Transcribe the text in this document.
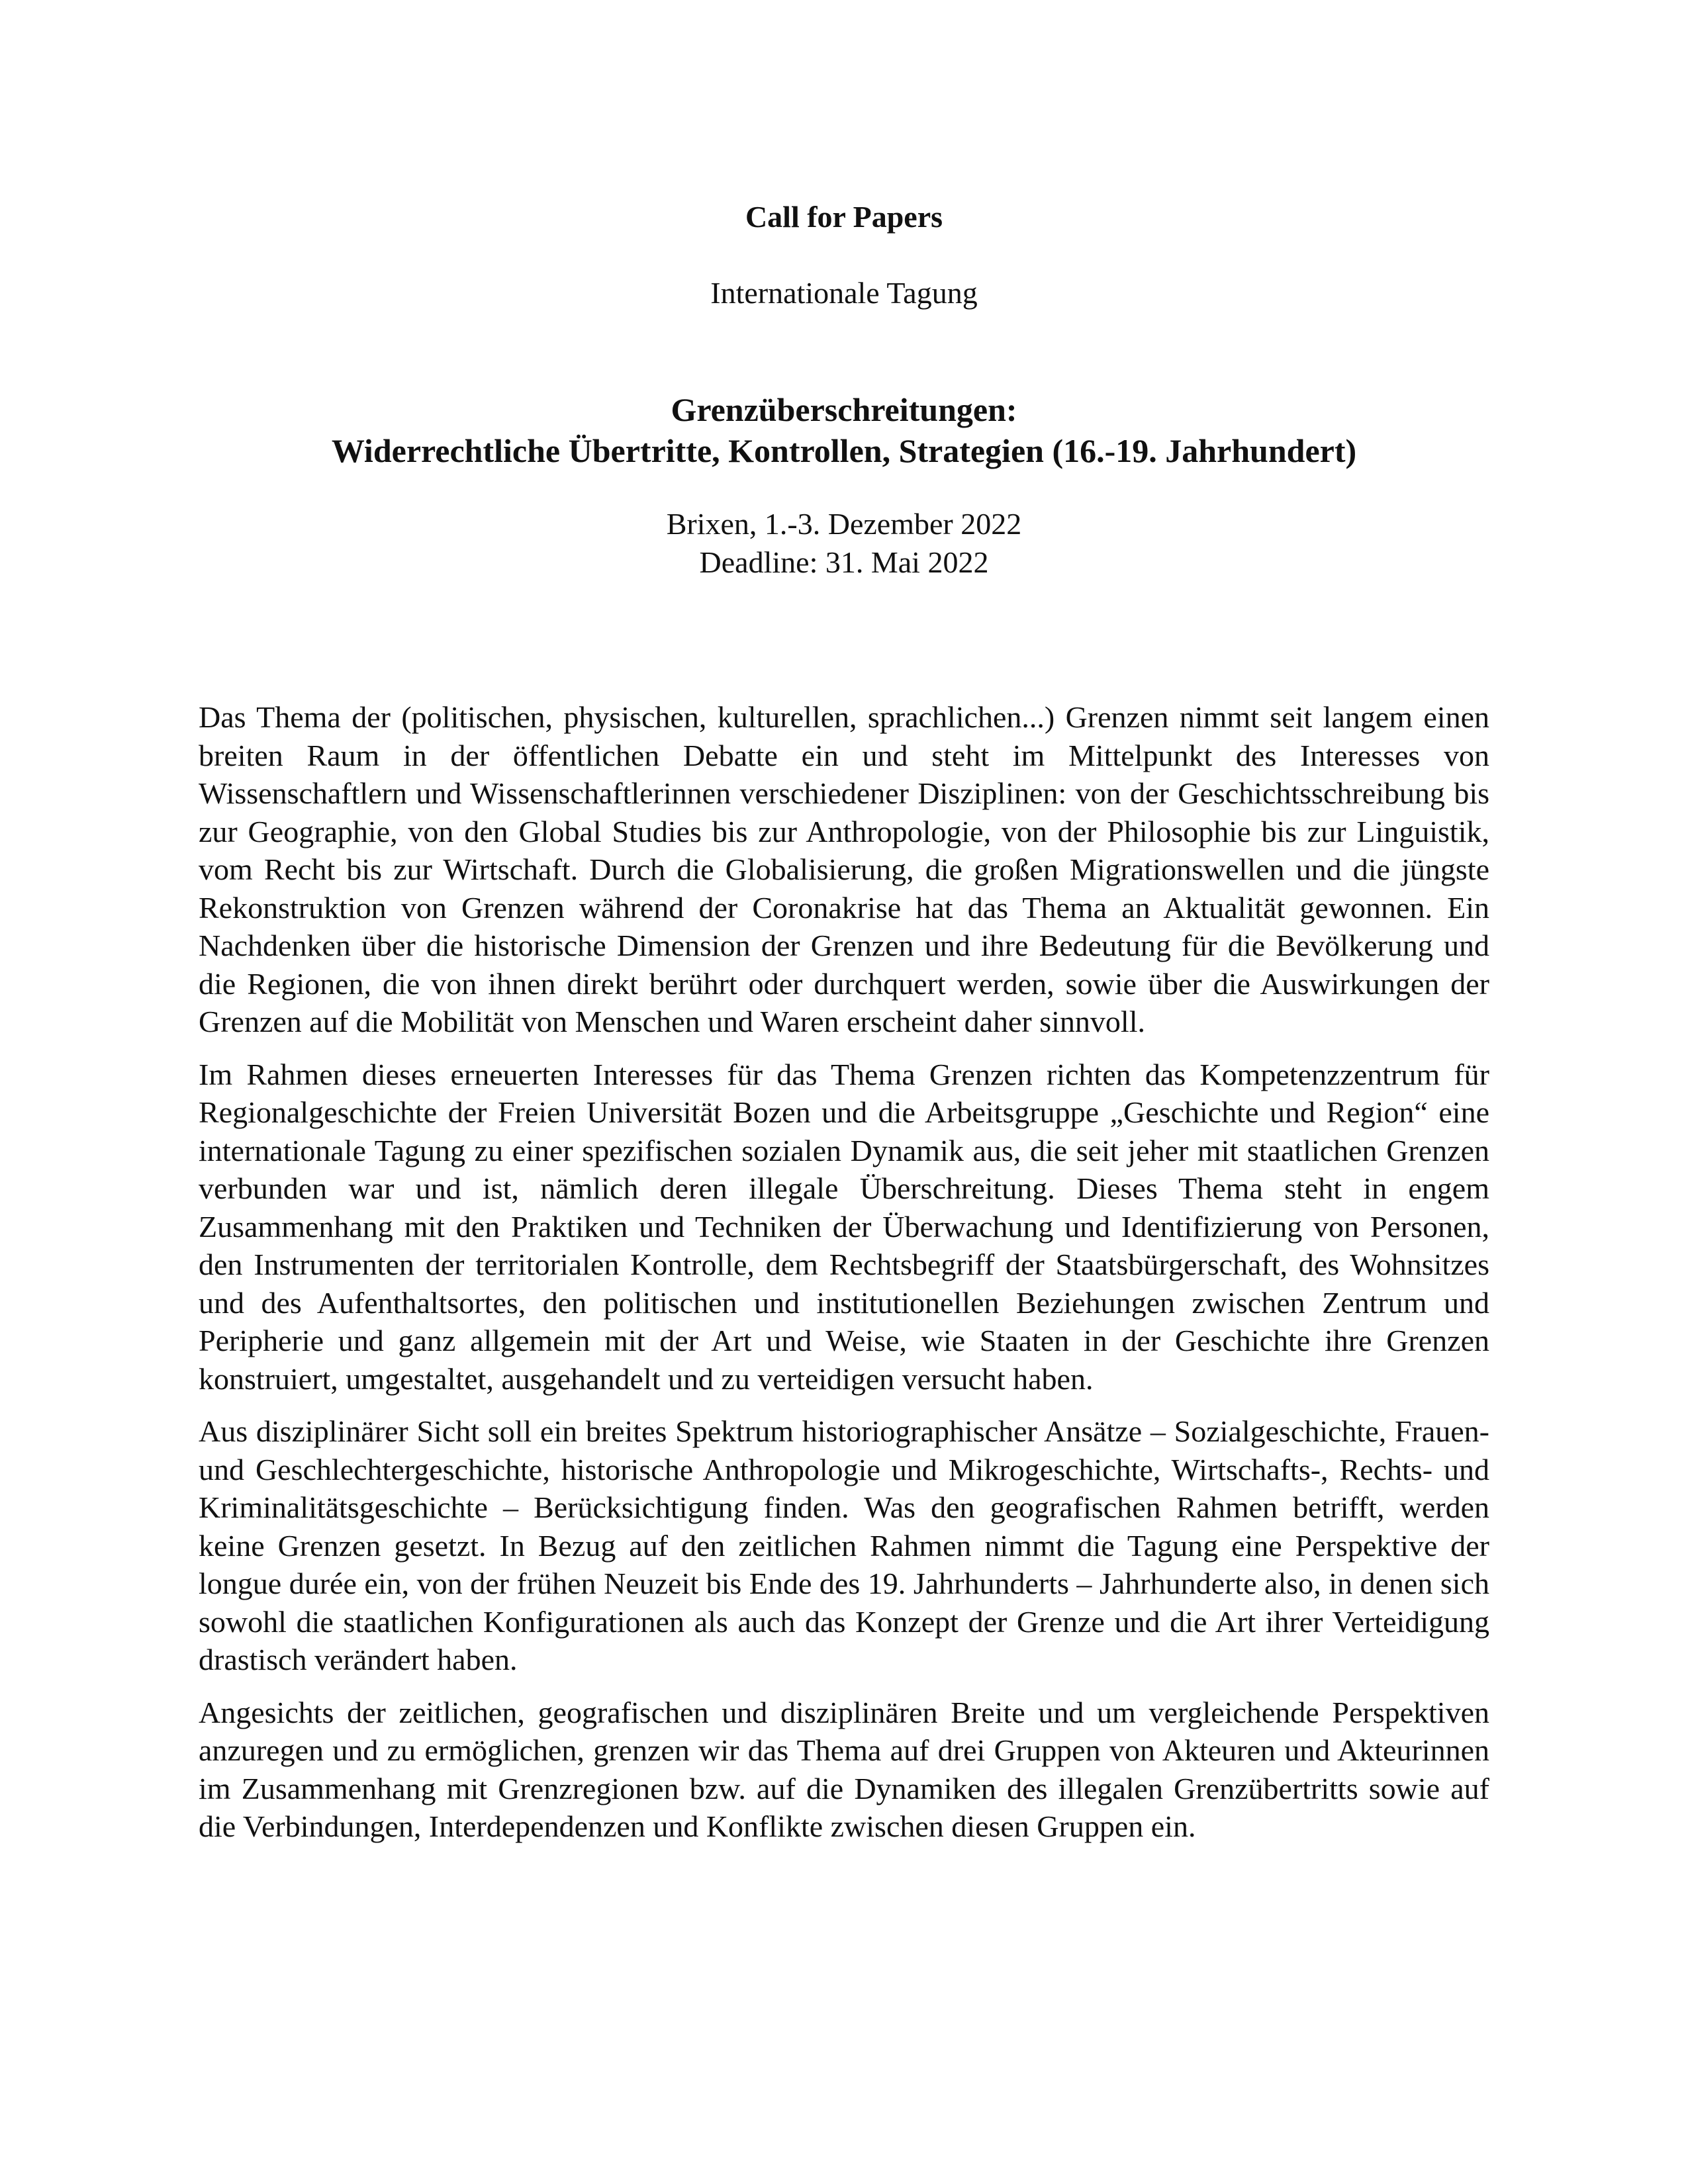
Call for Papers
Internationale Tagung
Grenzüberschreitungen:
Widerrechtliche Übertritte, Kontrollen, Strategien (16.-19. Jahrhundert)
Brixen, 1.-3. Dezember 2022
Deadline: 31. Mai 2022

Das Thema der (politischen, physischen, kulturellen, sprachlichen...) Grenzen nimmt seit langem einen breiten Raum in der öffentlichen Debatte ein und steht im Mittelpunkt des Interesses von Wissenschaftlern und Wissenschaftlerinnen verschiedener Disziplinen: von der Geschichtsschreibung bis zur Geographie, von den Global Studies bis zur Anthropologie, von der Philosophie bis zur Linguistik, vom Recht bis zur Wirtschaft. Durch die Globalisierung, die großen Migrationswellen und die jüngste Rekonstruktion von Grenzen während der Coronakrise hat das Thema an Aktualität gewonnen. Ein Nachdenken über die historische Dimension der Grenzen und ihre Bedeutung für die Bevölkerung und die Regionen, die von ihnen direkt berührt oder durchquert werden, sowie über die Auswirkungen der Grenzen auf die Mobilität von Menschen und Waren erscheint daher sinnvoll.

Im Rahmen dieses erneuerten Interesses für das Thema Grenzen richten das Kompetenzzentrum für Regionalgeschichte der Freien Universität Bozen und die Arbeitsgruppe „Geschichte und Region“ eine internationale Tagung zu einer spezifischen sozialen Dynamik aus, die seit jeher mit staatlichen Grenzen verbunden war und ist, nämlich deren illegale Überschreitung. Dieses Thema steht in engem Zusammenhang mit den Praktiken und Techniken der Überwachung und Identifizierung von Personen, den Instrumenten der territorialen Kontrolle, dem Rechtsbegriff der Staatsbürgerschaft, des Wohnsitzes und des Aufenthaltsortes, den politischen und institutionellen Beziehungen zwischen Zentrum und Peripherie und ganz allgemein mit der Art und Weise, wie Staaten in der Geschichte ihre Grenzen konstruiert, umgestaltet, ausgehandelt und zu verteidigen versucht haben.

Aus disziplinärer Sicht soll ein breites Spektrum historiographischer Ansätze – Sozialgeschichte, Frauen- und Geschlechtergeschichte, historische Anthropologie und Mikrogeschichte, Wirtschafts-, Rechts- und Kriminalitätsgeschichte – Berücksichtigung finden. Was den geografischen Rahmen betrifft, werden keine Grenzen gesetzt. In Bezug auf den zeitlichen Rahmen nimmt die Tagung eine Perspektive der longue durée ein, von der frühen Neuzeit bis Ende des 19. Jahrhunderts – Jahrhunderte also, in denen sich sowohl die staatlichen Konfigurationen als auch das Konzept der Grenze und die Art ihrer Verteidigung drastisch verändert haben.

Angesichts der zeitlichen, geografischen und disziplinären Breite und um vergleichende Perspektiven anzuregen und zu ermöglichen, grenzen wir das Thema auf drei Gruppen von Akteuren und Akteurinnen im Zusammenhang mit Grenzregionen bzw. auf die Dynamiken des illegalen Grenzübertritts sowie auf die Verbindungen, Interdependenzen und Konflikte zwischen diesen Gruppen ein.
